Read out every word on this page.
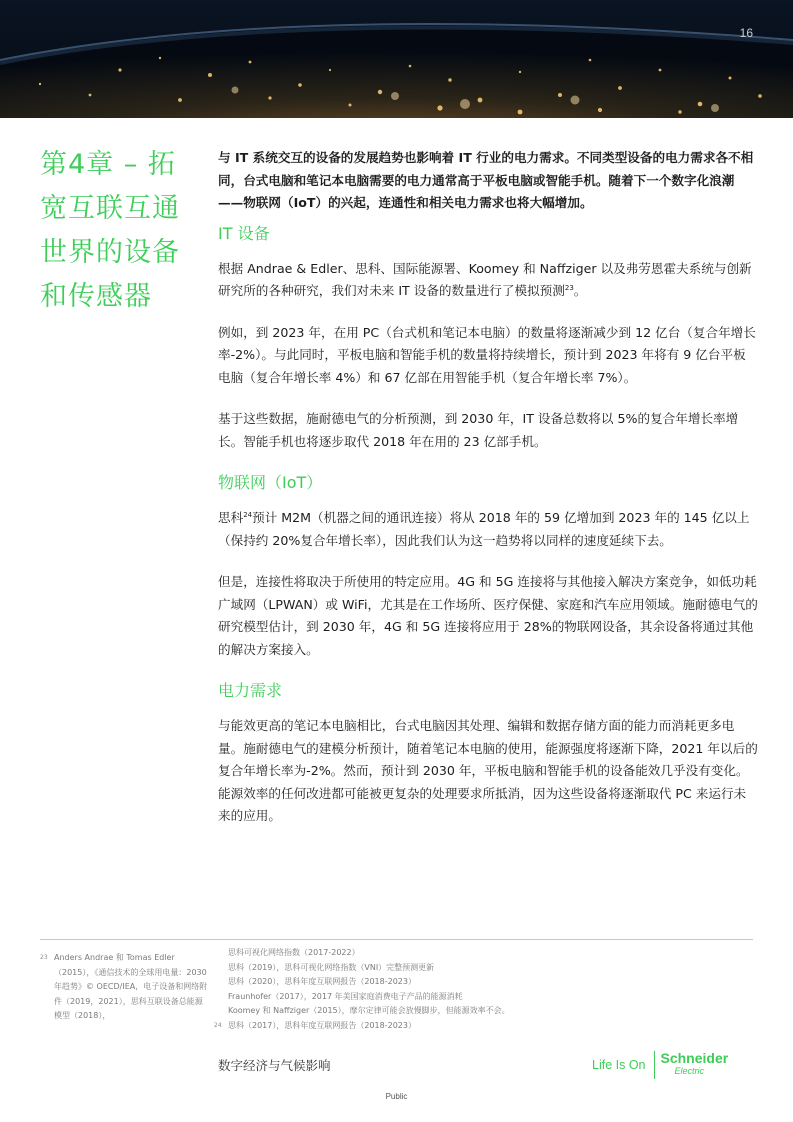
16
第4章 – 拓宽互联互通世界的设备和传感器

与 IT 系统交互的设备的发展趋势也影响着 IT 行业的电力需求。不同类型设备的电力需求各不相同，台式电脑和笔记本电脑需要的电力通常高于平板电脑或智能手机。随着下一个数字化浪潮——物联网（IoT）的兴起，连通性和相关电力需求也将大幅增加。

IT 设备

根据 Andrae & Edler、思科、国际能源署、Koomey 和 Naffziger 以及弗劳恩霍夫系统与创新研究所的各种研究，我们对未来 IT 设备的数量进行了模拟预测$^{23}$。

例如，到 2023 年，在用 PC（台式机和笔记本电脑）的数量将逐渐减少到 12 亿台（复合年增长率-2%）。与此同时，平板电脑和智能手机的数量将持续增长，预计到 2023 年将有 9 亿台平板电脑（复合年增长率 4%）和 67 亿部在用智能手机（复合年增长率 7%）。

基于这些数据，施耐德电气的分析预测，到 2030 年，IT 设备总数将以 5%的复合年增长率增长。智能手机也将逐步取代 2018 年在用的 23 亿部手机。

物联网（IoT）

思科$^{24}$预计 M2M（机器之间的通讯连接）将从 2018 年的 59 亿增加到 2023 年的 145 亿以上（保持约 20%复合年增长率），因此我们认为这一趋势将以同样的速度延续下去。

但是，连接性将取决于所使用的特定应用。4G 和 5G 连接将与其他接入解决方案竞争，如低功耗广域网（LPWAN）或 WiFi，尤其是在工作场所、医疗保健、家庭和汽车应用领域。施耐德电气的研究模型估计，到 2030 年，4G 和 5G 连接将应用于 28%的物联网设备，其余设备将通过其他的解决方案接入。

电力需求

与能效更高的笔记本电脑相比，台式电脑因其处理、编辑和数据存储方面的能力而消耗更多电量。施耐德电气的建模分析预计，随着笔记本电脑的使用，能源强度将逐渐下降，2021 年以后的复合年增长率为-2%。然而，预计到 2030 年，平板电脑和智能手机的设备能效几乎没有变化。能源效率的任何改进都可能被更复杂的处理要求所抵消，因为这些设备将逐渐取代 PC 来运行未来的应用。

23 Anders Andrae 和 Tomas Edler
（2015），《通信技术的全球用电量：2030 年趋势》© OECD/IEA，电子设备和网络附件（2019，2021），思科互联设备总能源模型（2018），
思科可视化网络指数（2017-2022）
思科（2019），思科可视化网络指数（VNI）完整预测更新
思科（2020），思科年度互联网报告（2018-2023）
Fraunhofer（2017），2017 年美国家庭消费电子产品的能源消耗
Koomey 和 Naffziger（2015），摩尔定律可能会放慢脚步，但能源效率不会。
24 思科（2017），思科年度互联网报告（2018-2023）
数字经济与气候影响	Life Is On	Schneider
Electric
Public
